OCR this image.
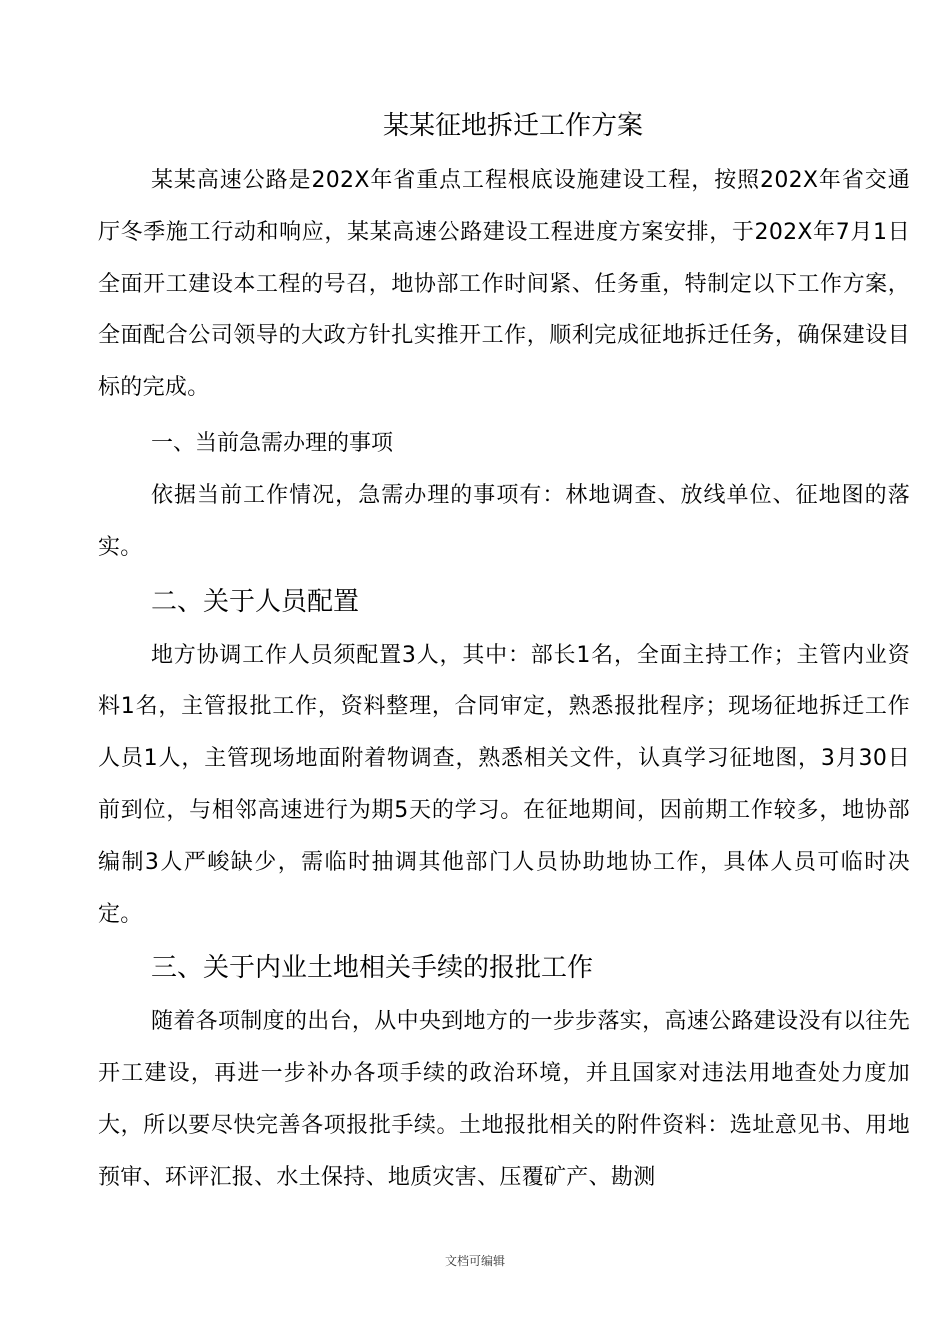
某某征地拆迁工作方案

某某高速公路是202X年省重点工程根底设施建设工程，按照202X年省交通厅冬季施工行动和响应，某某高速公路建设工程进度方案安排，于202X年7月1日全面开工建设本工程的号召，地协部工作时间紧、任务重，特制定以下工作方案，全面配合公司领导的大政方针扎实推开工作，顺利完成征地拆迁任务，确保建设目标的完成。

一、当前急需办理的事项

依据当前工作情况，急需办理的事项有：林地调查、放线单位、征地图的落实。

二、关于人员配置

地方协调工作人员须配置3人，其中：部长1名，全面主持工作；主管内业资料1名，主管报批工作，资料整理，合同审定，熟悉报批程序；现场征地拆迁工作人员1人，主管现场地面附着物调查，熟悉相关文件，认真学习征地图，3月30日前到位，与相邻高速进行为期5天的学习。在征地期间，因前期工作较多，地协部编制3人严峻缺少，需临时抽调其他部门人员协助地协工作，具体人员可临时决定。

三、关于内业土地相关手续的报批工作

随着各项制度的出台，从中央到地方的一步步落实，高速公路建设没有以往先开工建设，再进一步补办各项手续的政治环境，并且国家对违法用地查处力度加大，所以要尽快完善各项报批手续。土地报批相关的附件资料：选址意见书、用地预审、环评汇报、水土保持、地质灾害、压覆矿产、勘测

文档可编辑
